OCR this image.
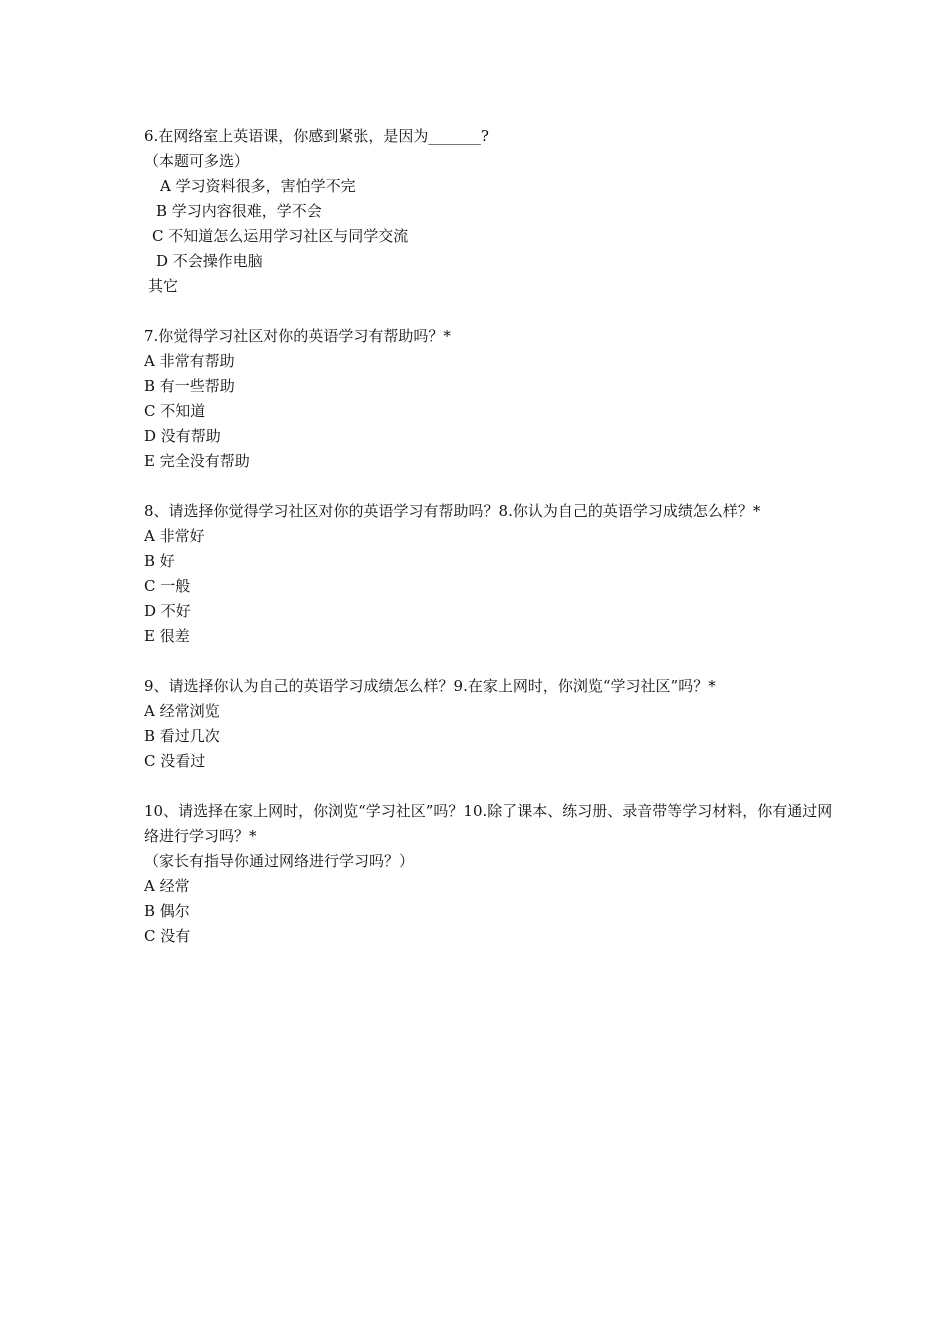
6.在网络室上英语课，你感到紧张，是因为_______?
（本题可多选）
A 学习资料很多，害怕学不完
B 学习内容很难，学不会
C 不知道怎么运用学习社区与同学交流
D 不会操作电脑
其它
7.你觉得学习社区对你的英语学习有帮助吗？*
A 非常有帮助
B 有一些帮助
C 不知道
D 没有帮助
E 完全没有帮助
8、请选择你觉得学习社区对你的英语学习有帮助吗？8.你认为自己的英语学习成绩怎么样？*
A 非常好
B 好
C 一般
D 不好
E 很差
9、请选择你认为自己的英语学习成绩怎么样？9.在家上网时，你浏览“学习社区”吗？*
A 经常浏览
B 看过几次
C 没看过
10、请选择在家上网时，你浏览“学习社区”吗？10.除了课本、练习册、录音带等学习材料，你有通过网络进行学习吗？*
（家长有指导你通过网络进行学习吗？）
A 经常
B 偶尔
C 没有
